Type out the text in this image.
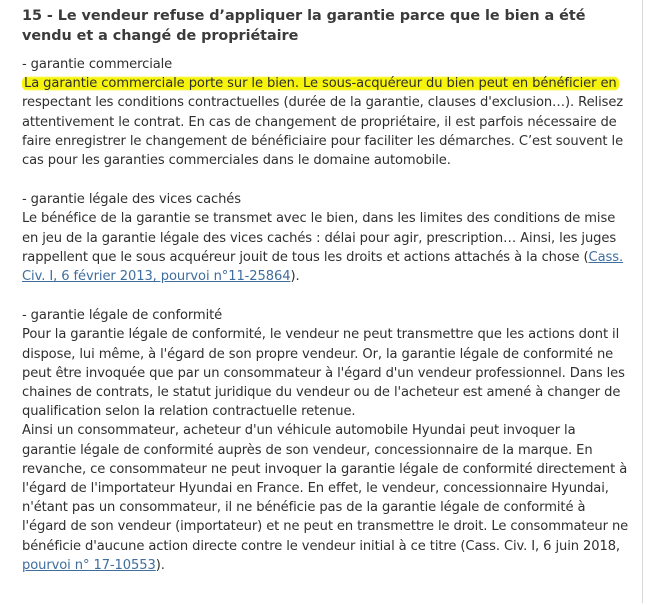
15 - Le vendeur refuse d’appliquer la garantie parce que le bien a été vendu et a changé de propriétaire

- garantie commerciale

La garantie commerciale porte sur le bien. Le sous-acquéreur du bien peut en bénéficier en respectant les conditions contractuelles (durée de la garantie, clauses d'exclusion…). Relisez attentivement le contrat. En cas de changement de propriétaire, il est parfois nécessaire de faire enregistrer le changement de bénéficiaire pour faciliter les démarches. C’est souvent le cas pour les garanties commerciales dans le domaine automobile.

- garantie légale des vices cachés

Le bénéfice de la garantie se transmet avec le bien, dans les limites des conditions de mise en jeu de la garantie légale des vices cachés : délai pour agir, prescription… Ainsi, les juges rappellent que le sous acquéreur jouit de tous les droits et actions attachés à la chose (Cass. Civ. I, 6 février 2013, pourvoi n°11-25864).

- garantie légale de conformité

Pour la garantie légale de conformité, le vendeur ne peut transmettre que les actions dont il dispose, lui même, à l'égard de son propre vendeur. Or, la garantie légale de conformité ne peut être invoquée que par un consommateur à l'égard d'un vendeur professionnel. Dans les chaines de contrats, le statut juridique du vendeur ou de l'acheteur est amené à changer de qualification selon la relation contractuelle retenue.

Ainsi un consommateur, acheteur d'un véhicule automobile Hyundai peut invoquer la garantie légale de conformité auprès de son vendeur, concessionnaire de la marque. En revanche, ce consommateur ne peut invoquer la garantie légale de conformité directement à l'égard de l'importateur Hyundai en France. En effet, le vendeur, concessionnaire Hyundai, n'étant pas un consommateur, il ne bénéficie pas de la garantie légale de conformité à l'égard de son vendeur (importateur) et ne peut en transmettre le droit. Le consommateur ne bénéficie d'aucune action directe contre le vendeur initial à ce titre (Cass. Civ. I, 6 juin 2018, pourvoi n° 17-10553).
